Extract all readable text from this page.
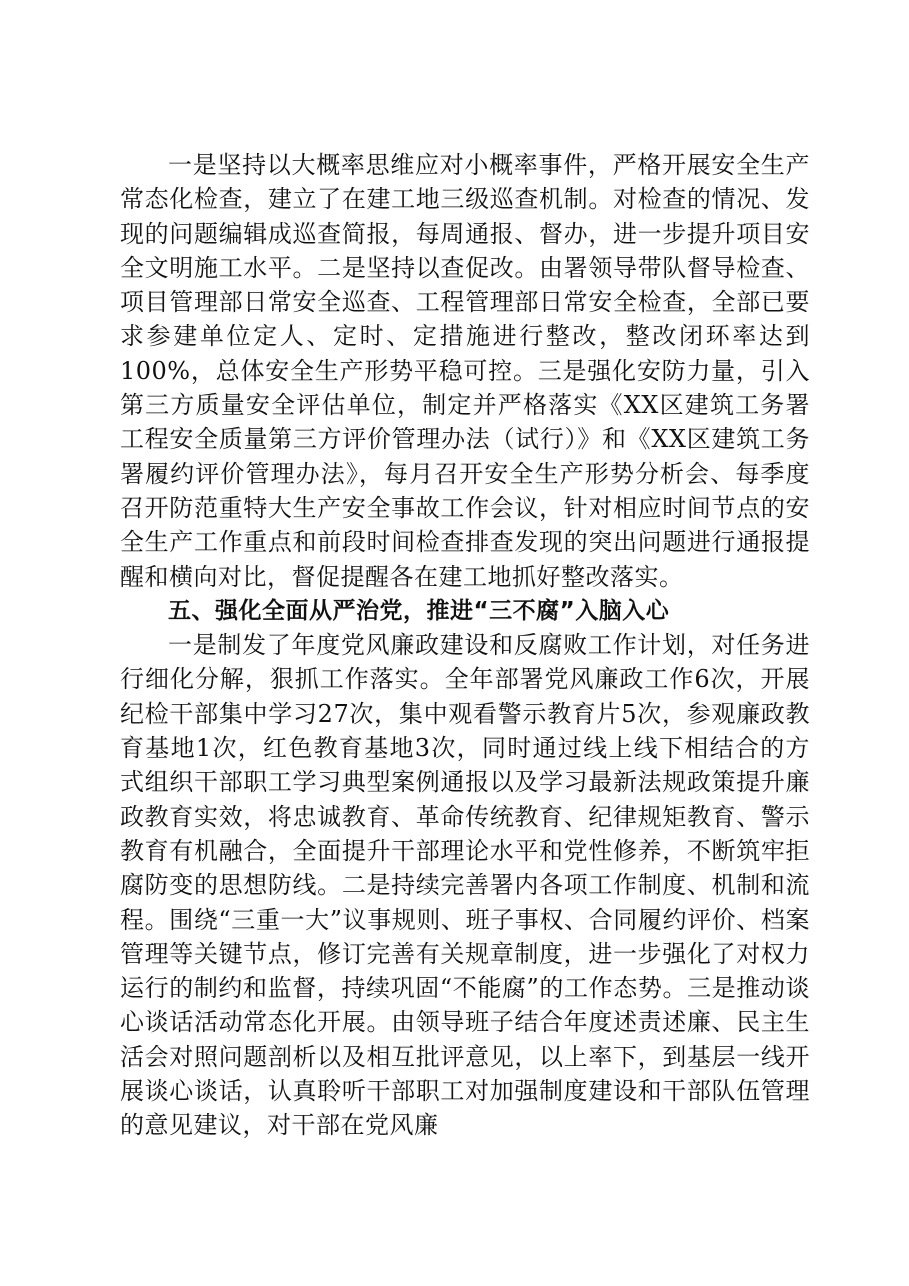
一是坚持以大概率思维应对小概率事件，严格开展安全生产常态化检查，建立了在建工地三级巡查机制。对检查的情况、发现的问题编辑成巡查简报，每周通报、督办，进一步提升项目安全文明施工水平。二是坚持以查促改。由署领导带队督导检查、项目管理部日常安全巡查、工程管理部日常安全检查，全部已要求参建单位定人、定时、定措施进行整改，整改闭环率达到100%，总体安全生产形势平稳可控。三是强化安防力量，引入第三方质量安全评估单位，制定并严格落实《XX区建筑工务署工程安全质量第三方评价管理办法（试行）》和《XX区建筑工务署履约评价管理办法》，每月召开安全生产形势分析会、每季度召开防范重特大生产安全事故工作会议，针对相应时间节点的安全生产工作重点和前段时间检查排查发现的突出问题进行通报提醒和横向对比，督促提醒各在建工地抓好整改落实。

五、强化全面从严治党，推进“三不腐”入脑入心

一是制发了年度党风廉政建设和反腐败工作计划，对任务进行细化分解，狠抓工作落实。全年部署党风廉政工作6次，开展纪检干部集中学习27次，集中观看警示教育片5次，参观廉政教育基地1次，红色教育基地3次，同时通过线上线下相结合的方式组织干部职工学习典型案例通报以及学习最新法规政策提升廉政教育实效，将忠诚教育、革命传统教育、纪律规矩教育、警示教育有机融合，全面提升干部理论水平和党性修养，不断筑牢拒腐防变的思想防线。二是持续完善署内各项工作制度、机制和流程。围绕“三重一大”议事规则、班子事权、合同履约评价、档案管理等关键节点，修订完善有关规章制度，进一步强化了对权力运行的制约和监督，持续巩固“不能腐”的工作态势。三是推动谈心谈话活动常态化开展。由领导班子结合年度述责述廉、民主生活会对照问题剖析以及相互批评意见，以上率下，到基层一线开展谈心谈话，认真聆听干部职工对加强制度建设和干部队伍管理的意见建议，对干部在党风廉
